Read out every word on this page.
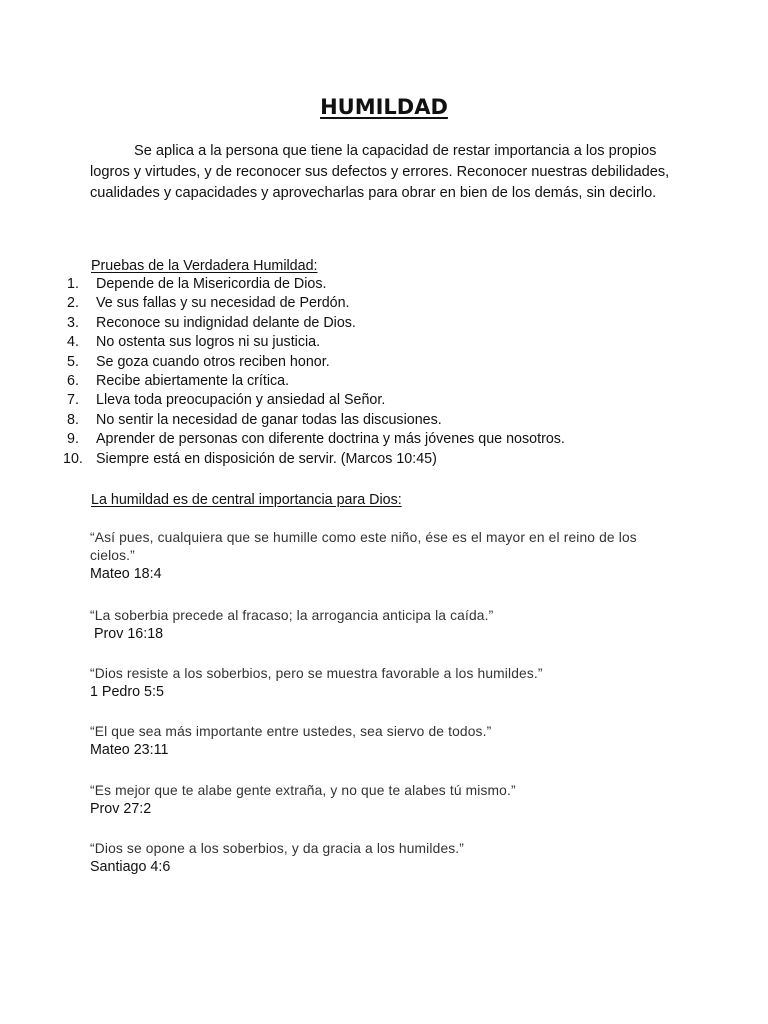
HUMILDAD
Se aplica a la persona que tiene la capacidad de restar importancia a los propios logros y virtudes, y de reconocer sus defectos y errores. Reconocer nuestras debilidades, cualidades y capacidades y aprovecharlas para obrar en bien de los demás, sin decirlo.
Pruebas de la Verdadera Humildad:
1.	Depende de la Misericordia de Dios.
2.	Ve sus fallas y su necesidad de Perdón.
3.	Reconoce su indignidad delante de Dios.
4.	No ostenta sus logros ni su justicia.
5.	Se goza cuando otros reciben honor.
6.	Recibe abiertamente la crítica.
7.	Lleva toda preocupación y ansiedad al Señor.
8.	No sentir la necesidad de ganar todas las discusiones.
9.	Aprender de personas con diferente doctrina y más jóvenes que nosotros.
10. Siempre está en disposición de servir. (Marcos 10:45)
La humildad es de central importancia para Dios:
“Así pues, cualquiera que se humille como este niño, ése es el mayor en el reino de los
cielos.”
Mateo 18:4
“La soberbia precede al fracaso; la arrogancia anticipa la caída.”
Prov 16:18
“Dios resiste a los soberbios, pero se muestra favorable a los humildes.”
1 Pedro 5:5
“El que sea más importante entre ustedes, sea siervo de todos.”
Mateo 23:11
“Es mejor que te alabe gente extraña, y no que te alabes tú mismo.”
Prov 27:2
“Dios se opone a los soberbios, y da gracia a los humildes.”
Santiago 4:6
